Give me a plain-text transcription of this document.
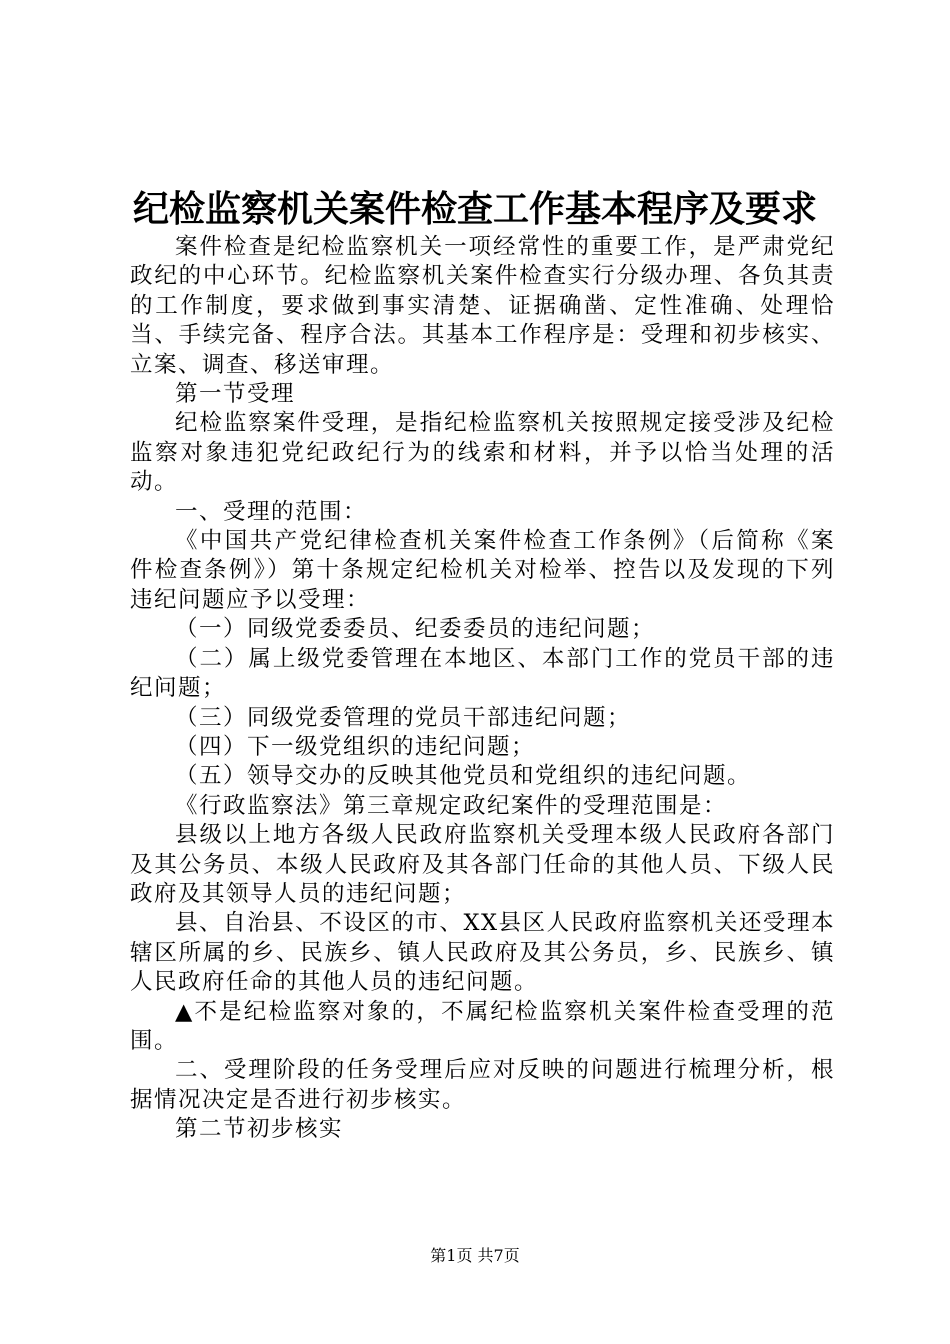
纪检监察机关案件检查工作基本程序及要求

案件检查是纪检监察机关一项经常性的重要工作，是严肃党纪政纪的中心环节。纪检监察机关案件检查实行分级办理、各负其责的工作制度，要求做到事实清楚、证据确凿、定性准确、处理恰当、手续完备、程序合法。其基本工作程序是：受理和初步核实、立案、调查、移送审理。

第一节受理

纪检监察案件受理，是指纪检监察机关按照规定接受涉及纪检监察对象违犯党纪政纪行为的线索和材料，并予以恰当处理的活动。

一、受理的范围：

《中国共产党纪律检查机关案件检查工作条例》（后简称《案件检查条例》）第十条规定纪检机关对检举、控告以及发现的下列违纪问题应予以受理：

（一）同级党委委员、纪委委员的违纪问题；

（二）属上级党委管理在本地区、本部门工作的党员干部的违纪问题；

（三）同级党委管理的党员干部违纪问题；

（四）下一级党组织的违纪问题；

（五）领导交办的反映其他党员和党组织的违纪问题。

《行政监察法》第三章规定政纪案件的受理范围是：

县级以上地方各级人民政府监察机关受理本级人民政府各部门及其公务员、本级人民政府及其各部门任命的其他人员、下级人民政府及其领导人员的违纪问题；

县、自治县、不设区的市、XX县区人民政府监察机关还受理本辖区所属的乡、民族乡、镇人民政府及其公务员，乡、民族乡、镇人民政府任命的其他人员的违纪问题。

▲不是纪检监察对象的，不属纪检监察机关案件检查受理的范围。

二、受理阶段的任务受理后应对反映的问题进行梳理分析，根据情况决定是否进行初步核实。

第二节初步核实

第1页 共7页
